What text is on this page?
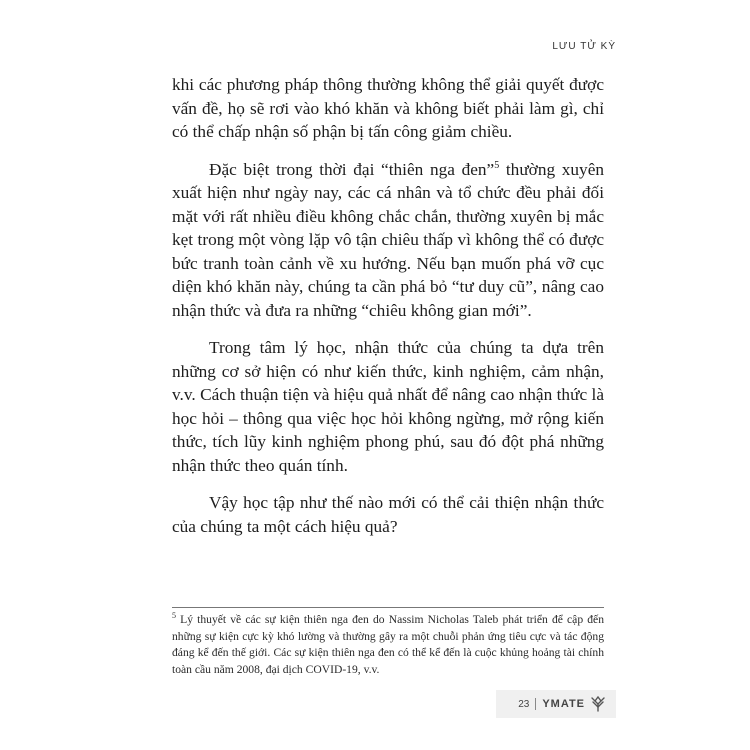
LƯU TỬ KỲ

khi các phương pháp thông thường không thể giải quyết được vấn đề, họ sẽ rơi vào khó khăn và không biết phải làm gì, chỉ có thể chấp nhận số phận bị tấn công giảm chiều.

Đặc biệt trong thời đại “thiên nga đen”$^5$ thường xuyên xuất hiện như ngày nay, các cá nhân và tổ chức đều phải đối mặt với rất nhiều điều không chắc chắn, thường xuyên bị mắc kẹt trong một vòng lặp vô tận chiêu thấp vì không thể có được bức tranh toàn cảnh về xu hướng. Nếu bạn muốn phá vỡ cục diện khó khăn này, chúng ta cần phá bỏ “tư duy cũ”, nâng cao nhận thức và đưa ra những “chiêu không gian mới”.

Trong tâm lý học, nhận thức của chúng ta dựa trên những cơ sở hiện có như kiến thức, kinh nghiệm, cảm nhận, v.v. Cách thuận tiện và hiệu quả nhất để nâng cao nhận thức là học hỏi – thông qua việc học hỏi không ngừng, mở rộng kiến thức, tích lũy kinh nghiệm phong phú, sau đó đột phá những nhận thức theo quán tính.

Vậy học tập như thế nào mới có thể cải thiện nhận thức của chúng ta một cách hiệu quả?

$^5$ Lý thuyết về các sự kiện thiên nga đen do Nassim Nicholas Taleb phát triển để cập đến những sự kiện cực kỳ khó lường và thường gây ra một chuỗi phản ứng tiêu cực và tác động đáng kể đến thế giới. Các sự kiện thiên nga đen có thể kể đến là cuộc khủng hoảng tài chính toàn cầu năm 2008, đại dịch COVID-19, v.v.
23 YMATE
